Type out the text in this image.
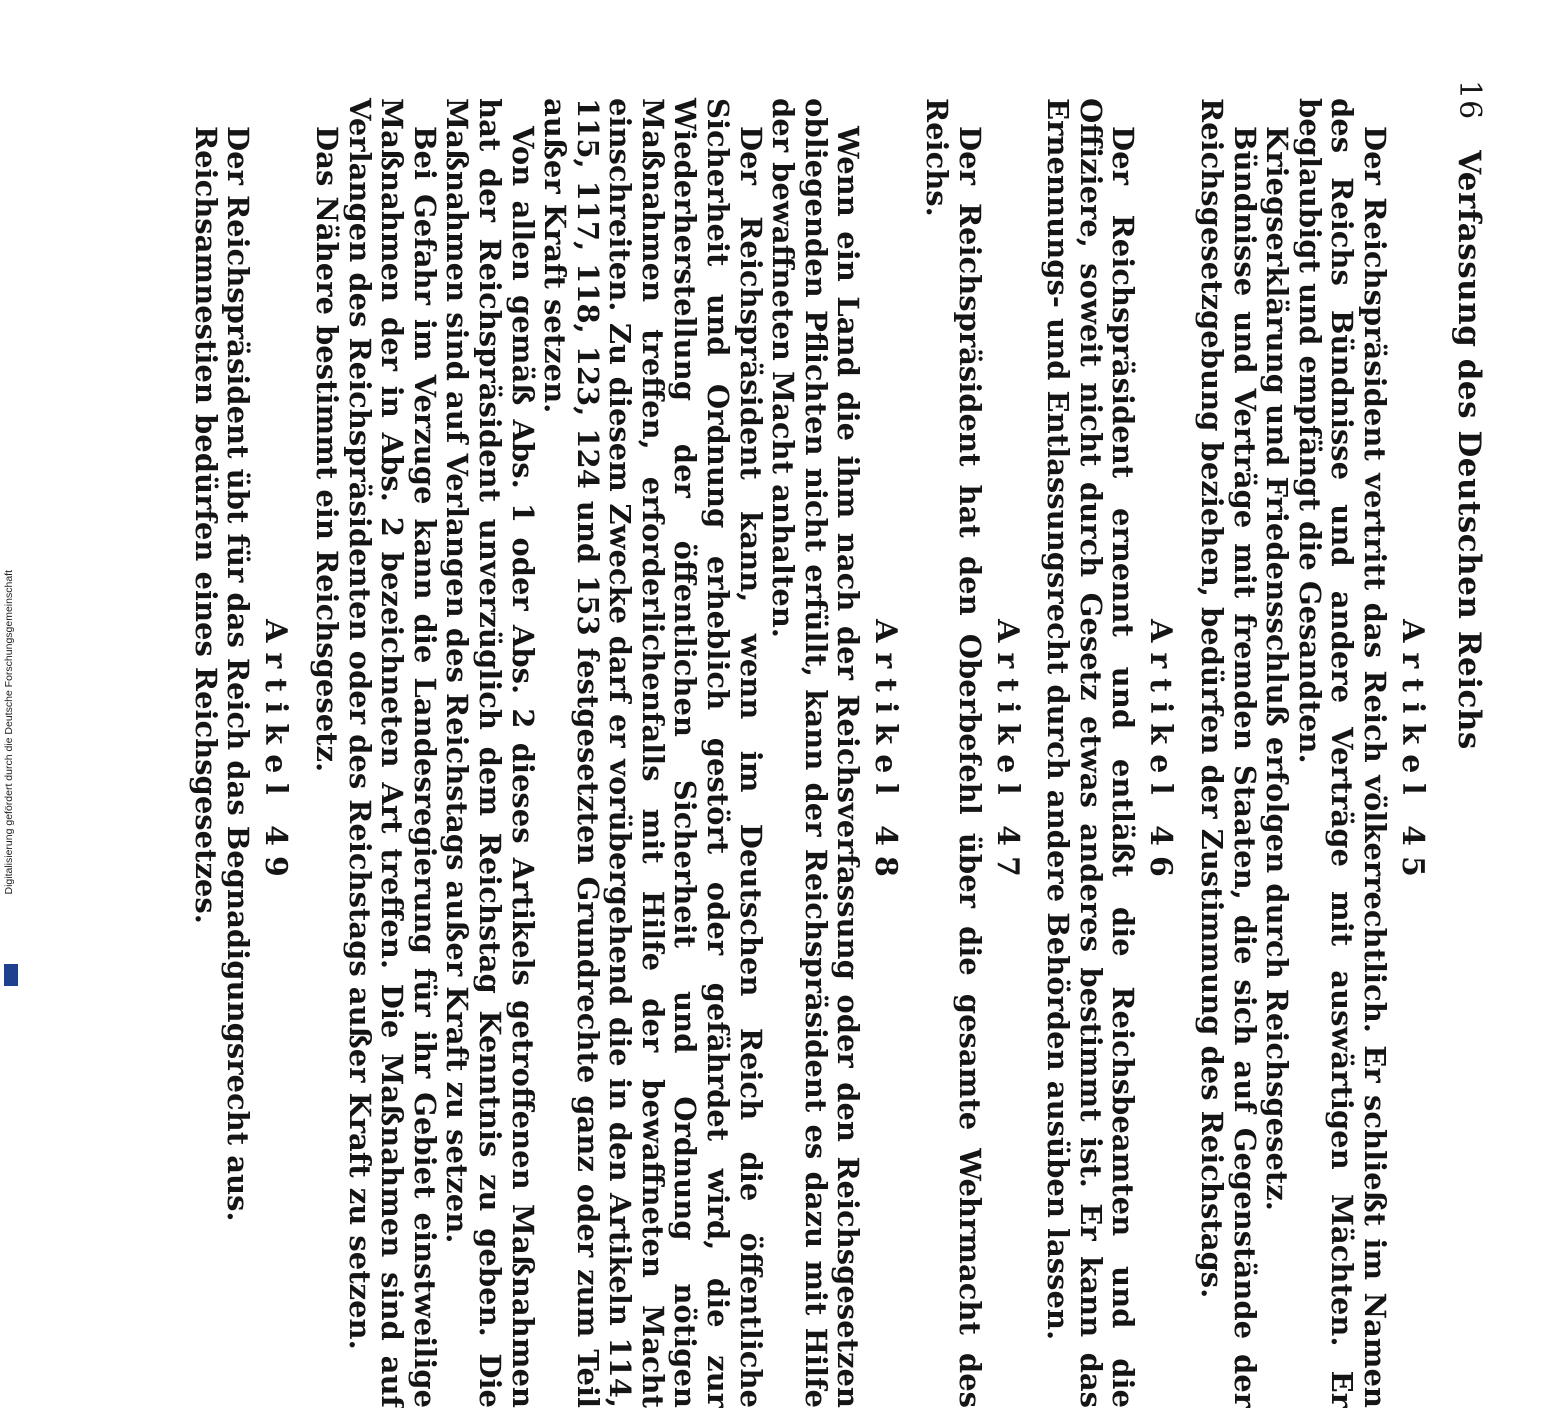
16
Verfassung des Deutschen Reichs
Artikel 45

Der Reichspräsident vertritt das Reich völkerrechtlich. Er schließt im Namen des Reichs Bündnisse und andere Verträge mit auswärtigen Mächten. Er beglaubigt und empfängt die Gesandten.

Kriegserklärung und Friedensschluß erfolgen durch Reichsgesetz.

Bündnisse und Verträge mit fremden Staaten, die sich auf Gegenstände der Reichsgesetzgebung beziehen, bedürfen der Zustimmung des Reichstags.

Artikel 46

Der Reichspräsident ernennt und entläßt die Reichsbeamten und die Offiziere, soweit nicht durch Gesetz etwas anderes bestimmt ist. Er kann das Ernennungs- und Entlassungsrecht durch andere Behörden ausüben lassen.

Artikel 47

Der Reichspräsident hat den Oberbefehl über die gesamte Wehrmacht des Reichs.

Artikel 48

Wenn ein Land die ihm nach der Reichsverfassung oder den Reichsgesetzen obliegenden Pflichten nicht erfüllt, kann der Reichspräsident es dazu mit Hilfe der bewaffneten Macht anhalten.

Der Reichspräsident kann, wenn im Deutschen Reich die öffentliche Sicherheit und Ordnung erheblich gestört oder gefährdet wird, die zur Wiederherstellung der öffentlichen Sicherheit und Ordnung nötigen Maßnahmen treffen, erforderlichenfalls mit Hilfe der bewaffneten Macht einschreiten. Zu diesem Zwecke darf er vorübergehend die in den Artikeln 114, 115, 117, 118, 123, 124 und 153 festgesetzten Grundrechte ganz oder zum Teil außer Kraft setzen.

Von allen gemäß Abs. 1 oder Abs. 2 dieses Artikels getroffenen Maßnahmen hat der Reichspräsident unverzüglich dem Reichstag Kenntnis zu geben. Die Maßnahmen sind auf Verlangen des Reichstags außer Kraft zu setzen.

Bei Gefahr im Verzuge kann die Landesregierung für ihr Gebiet einstweilige Maßnahmen der in Abs. 2 bezeichneten Art treffen. Die Maßnahmen sind auf Verlangen des Reichspräsidenten oder des Reichstags außer Kraft zu setzen.

Das Nähere bestimmt ein Reichsgesetz.

Artikel 49

Der Reichspräsident übt für das Reich das Begnadigungsrecht aus.

Reichsamnestien bedürfen eines Reichsgesetzes.

Digitalisierung gefördert durch die Deutsche Forschungsgemeinschaft
